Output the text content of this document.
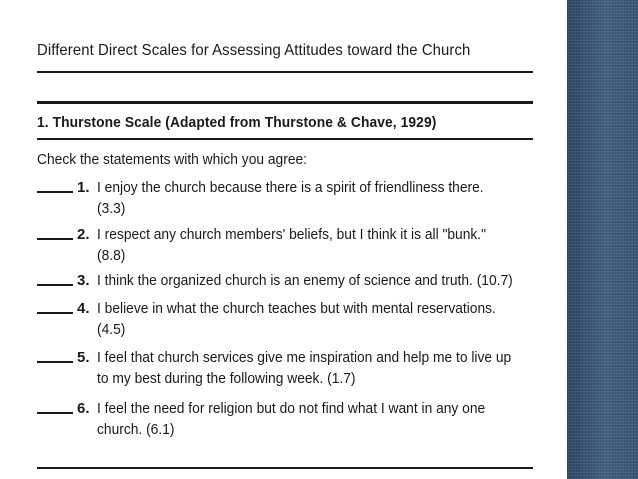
Different Direct Scales for Assessing Attitudes toward the Church
1. Thurstone Scale (Adapted from Thurstone & Chave, 1929)
Check the statements with which you agree:
1. I enjoy the church because there is a spirit of friendliness there.
(3.3)
2. I respect any church members' beliefs, but I think it is all "bunk."
(8.8)
3. I think the organized church is an enemy of science and truth. (10.7)
4. I believe in what the church teaches but with mental reservations.
(4.5)
5. I feel that church services give me inspiration and help me to live up
to my best during the following week. (1.7)
6. I feel the need for religion but do not find what I want in any one
church. (6.1)
